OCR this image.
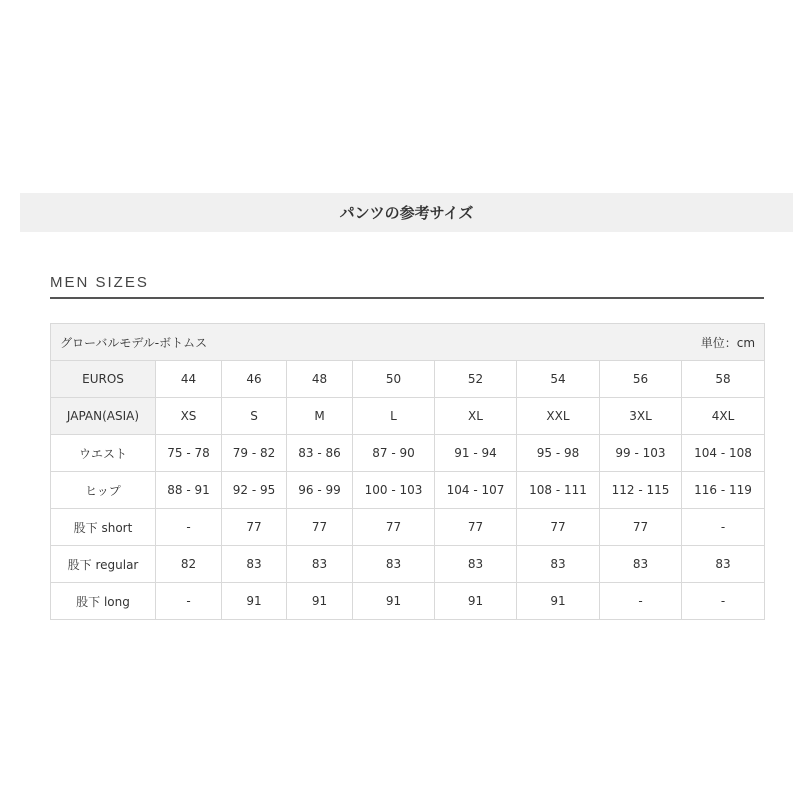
パンツの参考サイズ
MEN SIZES
グローバルモデル-ボトムス 単位：cm								

EUROS	44	46	48	50	52	54	56	58
JAPAN(ASIA)	XS	S	M	L	XL	XXL	3XL	4XL
ウエスト	75 - 78	79 - 82	83 - 86	87 - 90	91 - 94	95 - 98	99 - 103	104 - 108
ヒップ	88 - 91	92 - 95	96 - 99	100 - 103	104 - 107	108 - 111	112 - 115	116 - 119
股下 short	-	77	77	77	77	77	77	-
股下 regular	82	83	83	83	83	83	83	83
股下 long	-	91	91	91	91	91	-	-
